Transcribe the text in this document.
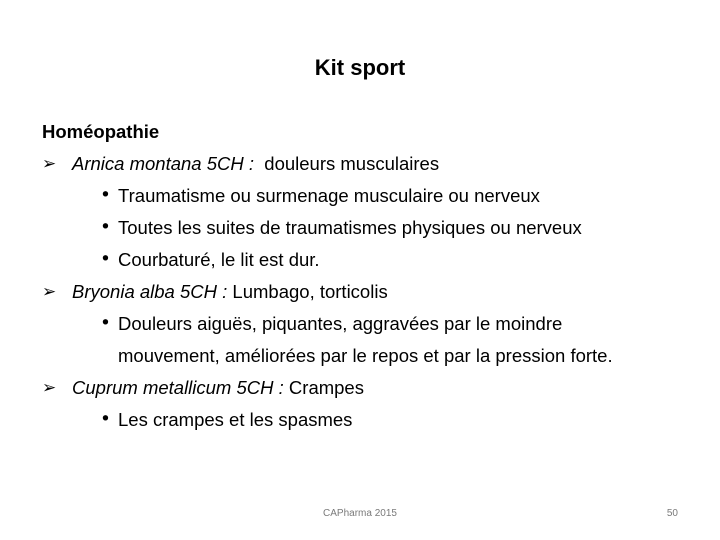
Kit sport
Homéopathie
➢ Arnica montana 5CH :  douleurs musculaires
• Traumatisme ou surmenage musculaire ou nerveux
• Toutes les suites de traumatismes physiques ou nerveux
• Courbaturé, le lit est dur.
➢ Bryonia alba 5CH : Lumbago, torticolis
• Douleurs aiguës, piquantes, aggravées par le moindre mouvement, améliorées par le repos et par la pression forte.
➢ Cuprum metallicum 5CH : Crampes
• Les crampes et les spasmes
CAPharma 2015	50
